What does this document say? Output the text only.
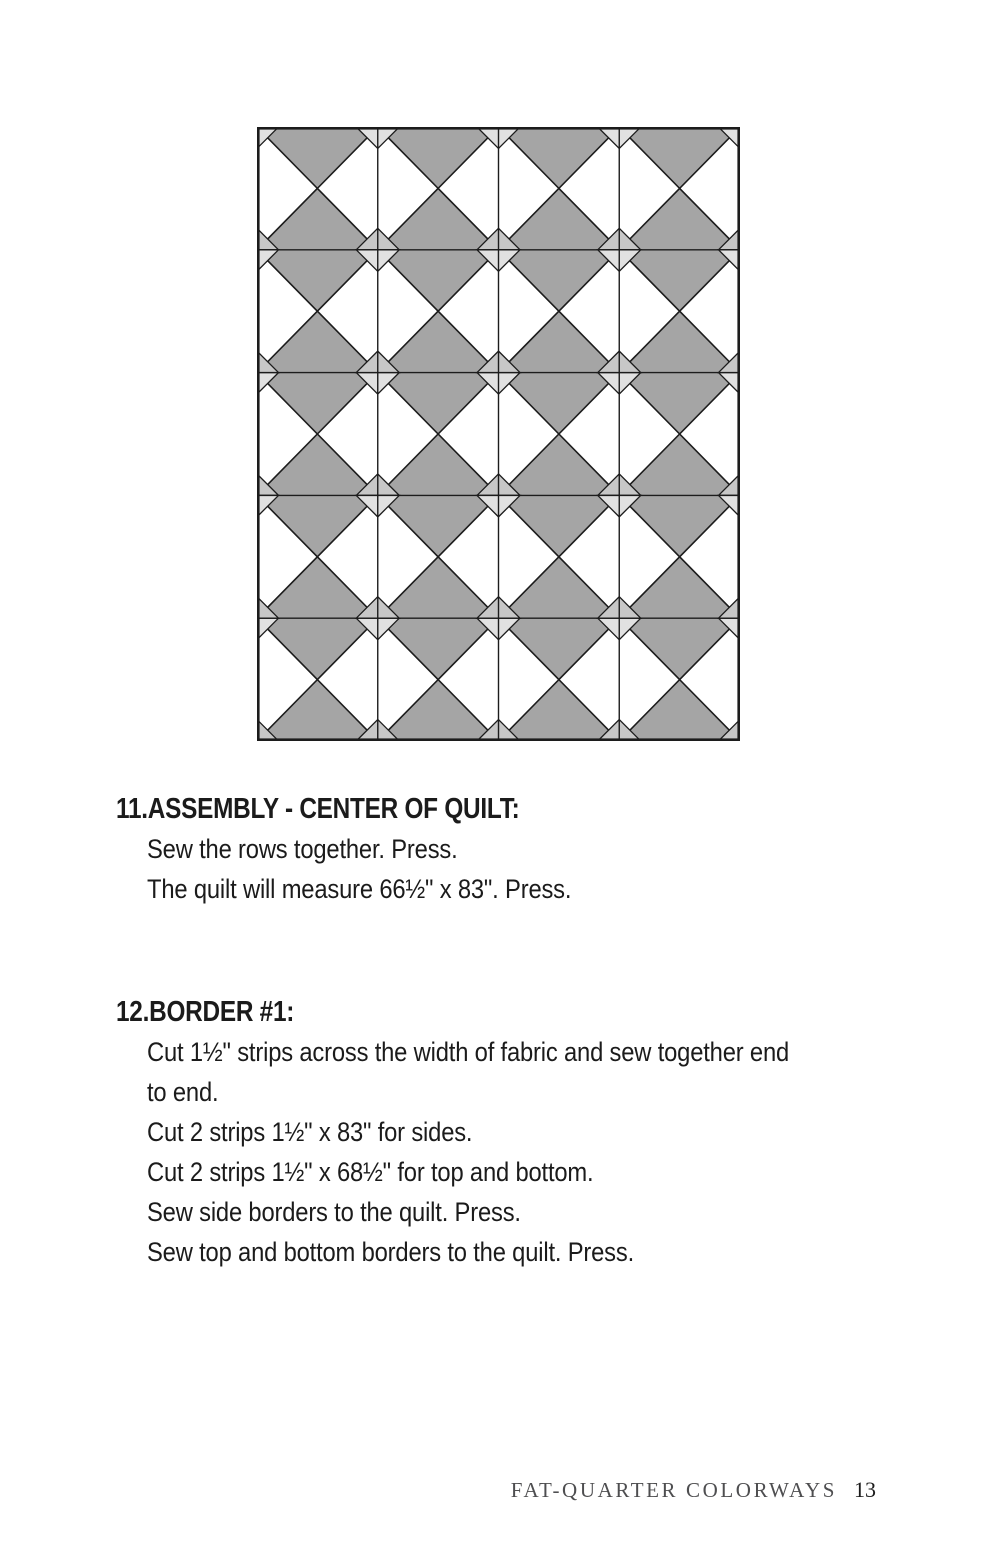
11.ASSEMBLY - CENTER OF QUILT:
Sew the rows together. Press.
The quilt will measure 66½" x 83". Press.
12.BORDER #1:
Cut 1½" strips across the width of fabric and sew together end
to end.
Cut 2 strips 1½" x 83" for sides.
Cut 2 strips 1½" x 68½" for top and bottom.
Sew side borders to the quilt. Press.
Sew top and bottom borders to the quilt. Press.
FAT-QUARTER COLORWAYS 13
